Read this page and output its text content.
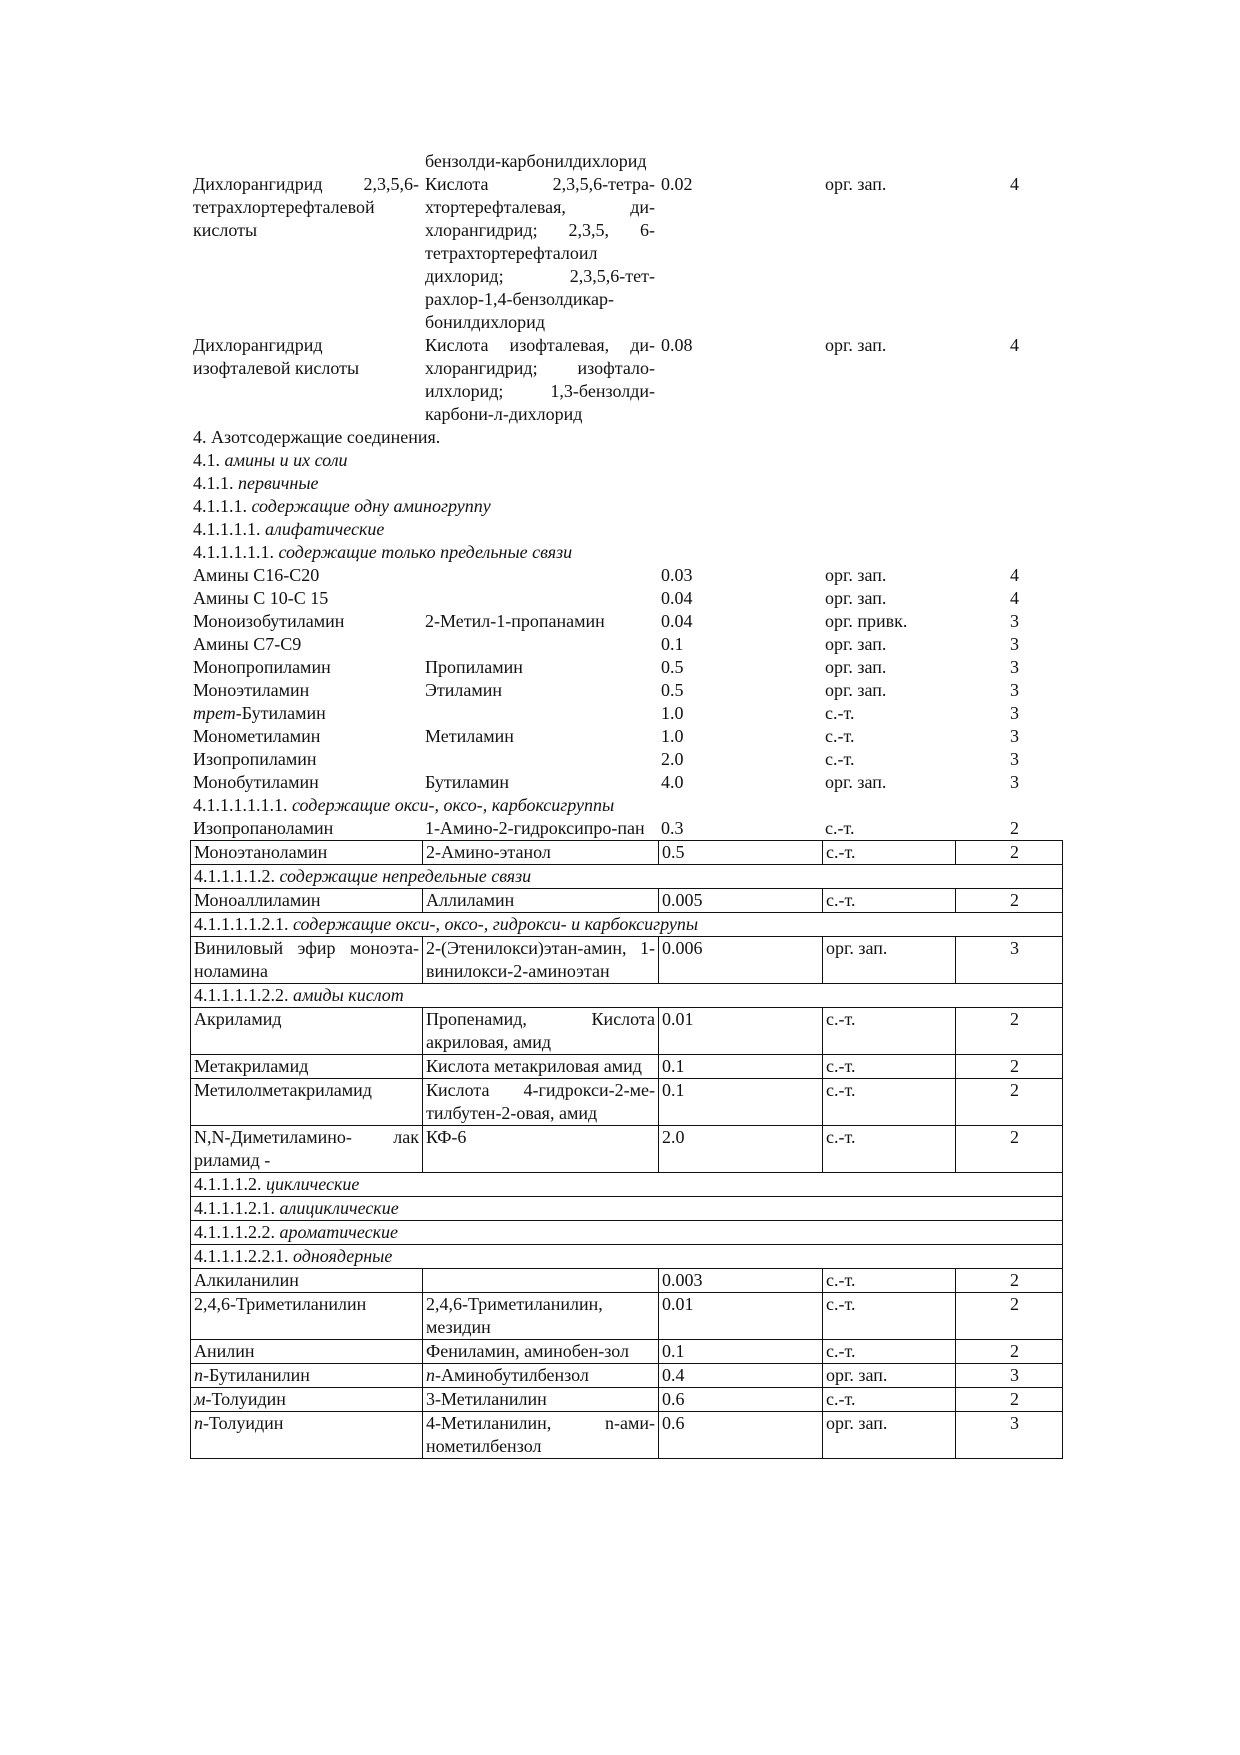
	бензолди-карбонилдихлорид			
Дихлорангидрид 2,3,5,6-тетрахлортерефталевой кислоты	Кислота 2,3,5,6-тетра-хтортерефталевая, ди-хлорангидрид; 2,3,5, 6-тетрахтортерефталоил дихлорид; 2,3,5,6-тет-рахлор-1,4-бензолдикар-бонилдихлорид	0.02	орг. зап.	4
Дихлорангидрид изофталевой кислоты	Кислота изофталевая, ди-хлорангидрид; изофтало-илхлорид; 1,3-бензолди-карбони-л-дихлорид	0.08	орг. зап.	4
4. Азотсодержащие соединения.				
4.1. амины и их соли				
4.1.1. первичные				
4.1.1.1. содержащие одну аминогруппу				
4.1.1.1.1. алифатические				
4.1.1.1.1.1. содержащие только предельные связи				
Амины С16-С20		0.03	орг. зап.	4
Амины С 10-С 15		0.04	орг. зап.	4
Моноизобутиламин	2-Метил-1-пропанамин	0.04	орг. привк.	3
Амины С7-С9		0.1	орг. зап.	3
Монопропиламин	Пропиламин	0.5	орг. зап.	3
Моноэтиламин	Этиламин	0.5	орг. зап.	3
трет-Бутиламин		1.0	с.-т.	3
Монометиламин	Метиламин	1.0	с.-т.	3
Изопропиламин		2.0	с.-т.	3
Монобутиламин	Бутиламин	4.0	орг. зап.	3
4.1.1.1.1.1.1. содержащие окси-, оксо-, карбоксигруппы				
Изопропаноламин	1-Амино-2-гидроксипро-пан	0.3	с.-т.	2
Моноэтаноламин	2-Амино-этанол	0.5	с.-т.	2
4.1.1.1.1.2. содержащие непредельные связи				
Моноаллиламин	Аллиламин	0.005	с.-т.	2
4.1.1.1.1.2.1. содержащие окси-, оксо-, гидрокси- и карбоксигрупы				
Виниловый эфир моноэта-ноламина	2-(Этенилокси)этан-амин, 1-винилокси-2-аминоэтан	0.006	орг. зап.	3
4.1.1.1.1.2.2. амиды кислот				
Акриламид	Пропенамид, Кислота акриловая, амид	0.01	с.-т.	2
Метакриламид	Кислота метакриловая амид	0.1	с.-т.	2
Метилолметакриламид	Кислота 4-гидрокси-2-ме-тилбутен-2-овая, амид	0.1	с.-т.	2
N,N-Диметиламино- лак риламид -	КФ-6	2.0	с.-т.	2
4.1.1.1.2. циклические				
4.1.1.1.2.1. алициклические				
4.1.1.1.2.2. ароматические				
4.1.1.1.2.2.1. одноядерные				
Алкиланилин		0.003	с.-т.	2
2,4,6-Триметиланилин	2,4,6-Триметиланилин, мезидин	0.01	с.-т.	2
Анилин	Фениламин, аминобен-зол	0.1	с.-т.	2
n-Бутиланилин	n-Аминобутилбензол	0.4	орг. зап.	3
м-Толуидин	3-Метиланилин	0.6	с.-т.	2
n-Толуидин	4-Метиланилин, n-ами-нометилбензол	0.6	орг. зап.	3
